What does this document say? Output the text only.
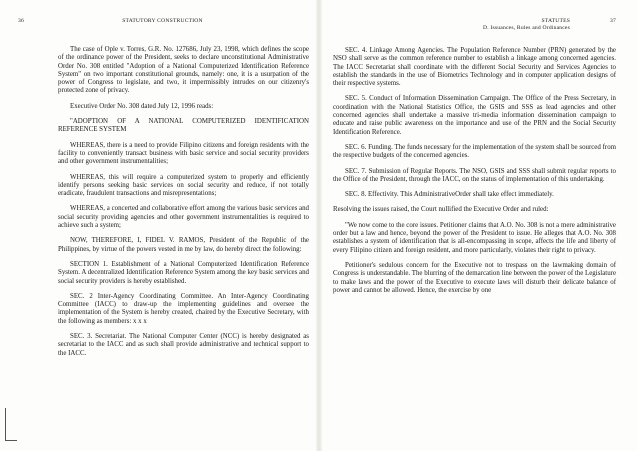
36	STATUTORY CONSTRUCTION

The case of Ople v. Torres, G.R. No. 127686, July 23, 1998, which defines the scope of the ordinance power of the President, seeks to declare unconstitutional Administrative Order No. 308 entitled "Adoption of a National Computerized Identification Reference System" on two important constitutional grounds, namely: one, it is a usurpation of the power of Congress to legislate, and two, it impermissibly intrudes on our citizenry's protected zone of privacy.

Executive Order No. 308 dated July 12, 1996 reads:

"ADOPTION OF A NATIONAL COMPUTERIZED IDENTIFICATION REFERENCE SYSTEM

WHEREAS, there is a need to provide Filipino citizens and foreign residents with the facility to conveniently transact business with basic service and social security providers and other government instrumentalities;

WHEREAS, this will require a computerized system to properly and efficiently identify persons seeking basic services on social security and reduce, if not totally eradicate, fraudulent transactions and misrepresentations;

WHEREAS, a concerted and collaborative effort among the various basic services and social security providing agencies and other government instrumentalities is required to achieve such a system;

NOW, THEREFORE, I, FIDEL V. RAMOS, President of the Republic of the Philippines, by virtue of the powers vested in me by law, do hereby direct the following:

SECTION 1. Establishment of a National Computerized Identification Reference System. A decentralized Identification Reference System among the key basic services and social security providers is hereby established.

SEC. 2 Inter-Agency Coordinating Committee. An Inter-Agency Coordinating Committee (IACC) to draw-up the implementing guidelines and oversee the implementation of the System is hereby created, chaired by the Executive Secretary, with the following as members: x x x

SEC. 3. Secretariat. The National Computer Center (NCC) is hereby designated as secretariat to the IACC and as such shall provide administrative and technical support to the IACC.

STATUTES
D. Issuances, Rules and Ordinances
37

SEC. 4. Linkage Among Agencies. The Population Reference Number (PRN) generated by the NSO shall serve as the common reference number to establish a linkage among concerned agencies. The IACC Secretariat shall coordinate with the different Social Security and Services Agencies to establish the standards in the use of Biometrics Technology and in computer application designs of their respective systems.

SEC. 5. Conduct of Information Dissemination Campaign. The Office of the Press Secretary, in coordination with the National Statistics Office, the GSIS and SSS as lead agencies and other concerned agencies shall undertake a massive tri-media information dissemination campaign to educate and raise public awareness on the importance and use of the PRN and the Social Security Identification Reference.

SEC. 6. Funding. The funds necessary for the implementation of the system shall be sourced from the respective budgets of the concerned agencies.

SEC. 7. Submission of Regular Reports. The NSO, GSIS and SSS shall submit regular reports to the Office of the President, through the IACC, on the status of implementation of this undertaking.

SEC. 8. Effectivity. This AdministrativeOrder shall take effect immediately.

Resolving the issues raised, the Court nullified the Executive Order and ruled:

"We now come to the core issues. Petitioner claims that A.O. No. 308 is not a mere administrative order but a law and hence, beyond the power of the President to issue. He alleges that A.O. No. 308 establishes a system of identification that is all-encompassing in scope, affects the life and liberty of every Filipino citizen and foreign resident, and more particularly, violates their right to privacy.

Petitioner's sedulous concern for the Executive not to trespass on the lawmaking domain of Congress is understandable. The blurring of the demarcation line between the power of the Legislature to make laws and the power of the Executive to execute laws will disturb their delicate balance of power and cannot be allowed. Hence, the exercise by one
